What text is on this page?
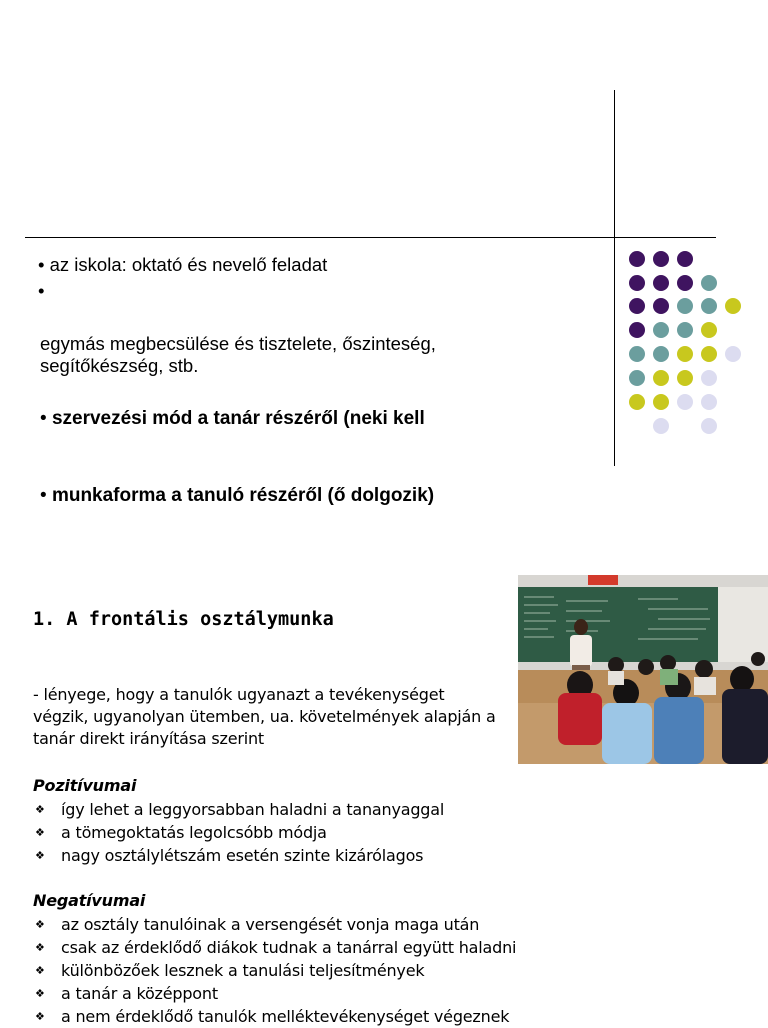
• az iskola: oktató és nevelő feladat
•
egymás megbecsülése és tisztelete, őszinteség, segítőkészség, stb.
• szervezési mód a tanár részéről (neki kell
• munkaforma a tanuló részéről (ő dolgozik)
1. A frontális osztálymunka
- lényege, hogy a tanulók ugyanazt a tevékenységet végzik, ugyanolyan ütemben, ua. követelmények alapján a tanár direkt irányítása szerint
Pozitívumai
❖ így lehet a leggyorsabban haladni a tananyaggal
❖ a tömegoktatás legolcsóbb módja
❖ nagy osztálylétszám esetén szinte kizárólagos
Negatívumai
❖ az osztály tanulóinak a versengését vonja maga után
❖ csak az érdeklődő diákok tudnak a tanárral együtt haladni
❖ különbözőek lesznek a tanulási teljesítmények
❖ a tanár a középpont
❖ a nem érdeklődő tanulók melléktevékenységet végeznek
